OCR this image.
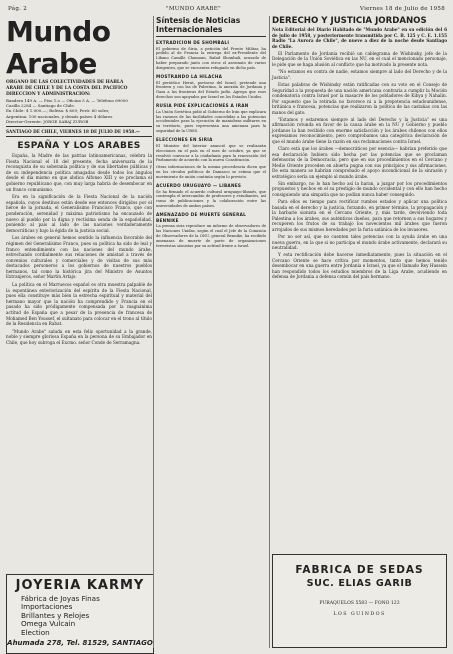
Pág. 2	"MUNDO ARABE"	Viernes 18 de Julio de 1958
Mundo Arabe

ORGANO DE LAS COLECTIVIDADES DE HABLA

ARABE DE CHILE Y DE LA COSTA DEL PACIFICO

DIRECCION Y ADMINISTRACION:

Bandera 149 A. — Piso 1.o — Oficina 5 A. — Teléfono 69000

Casilla 2284 — Santiago de Chile.

En Chile: $ 1.000.—; Bolivia: $ 600; Perú: 60 soles;

Argentina: 100 nacionales, y demás países 4 dólares

Director-Gerente: JORGE SABAJ ZUROB

SANTIAGO DE CHILE, VIERNES 18 DE JULIO DE 1958.—

ESPAÑA Y LOS ARABES

España, la Madre de las patrias latinoamericanas, celebra la Fiesta Nacional el 18 del presente, fecha aniversaria de la reconquista de su soberanía política y de sus libertades públicas y de su independencia política amagadas desde todos los ángulos desde el día mismo en que abdica Alfonso XIII y se proclama el gobierno republicano que, con muy larga habría de desembocar en un franco comunismo.

Era en la significación de la Fiesta Nacional de la nación española, cuyos destinos están desde ese entonces dirigidos por el héroe de la jornada, el Generalísimo Francisco Franco, que con ponderación, serenidad y máxima patriotismo ha encauzado de nuevo al pueblo por la digna y rectísima senda de la españolidad, poniendo al país al lado de las naciones verdaderamente democráticas y bajo la égida de la justicia social.

Los árabes en general hemos sentido la influencia favorable del régimen del Generalísimo Franco, pues su política ha sido de leal y franco entendimiento con las naciones del mundo árabe, estrechando cordialmente sus relaciones de amistad a través de convenios culturales y comerciales y de visitas de sus más destacados personeros a los gobiernos de nuestros pueblos hermanos, tal como la histórica jira del Ministro de Asuntos Extranjeros, señor Martín Artajo.

La política en el Marruecos español es otra muestra palpable de la espontánea exteriorización del espíritu de la Fiesta Nacional, pues ella constituye más bien la estrecha espiritual y material del hermano mayor que la nación ha comprendido y Francia en el pasado ha sido pródigamente compensada por la magnánima actitud de España que a pesar de la presencia de francesa de Mohamed Ben Youssef, el sultanato para colocar en el trono al título de la Residencia en Rabat.

"Mundo Arabe" saluda en esta feliz oportunidad a la grande, noble y siempre gloriosa España en la persona de su Embajador en Chile, que hoy subroga el Excmo. señor Conde de Serramagna.

JOYERIA KARMY
Fábrica de Joyas Finas
Importaciones
Brillantes y Relojes
Omega Vulcain
Election
Ahumada 278, Tel. 81529, SANTIAGO
Síntesis de Noticias Internacionales
EXTRADICION DE SHOMBALI

El gobierno de Siria, a petición del Frente Militar, ha pedido al de Francia la entrega del ex-Presidente del Líbano Camille Chamoun, Rafad Shombali, acusado de haber preparado junto con otros el asesinato de varios dirigentes, que se encuentra refugiado en dicho país.

MOSTRANDO LA HILACHA

El periódico Herut, portavoz del Israel, pretende una frontera y con las de Palestina, la anexión de Jordania y Gaza a las fronteras del Estado judío. Agrega que esos derechos son apoyados por Israel en los Estados Unidos.

RUSIA PIDE EXPLICACIONES A IRAN

La Unión Soviética pidió al Gobierno de Irán que explicara las razones de las facilidades concedidas a las potencias occidentales para la ejecución de maniobras militares en su territorio, pues representan una amenaza para la seguridad de la URSS.

ELECCIONES EN SIRIA

El Ministro del Interior anunció que se realizarán elecciones en el país en el mes de octubre, ya que se resolvió convocar a la ciudadanía para la renovación del Parlamento de acuerdo con la nueva Constitución.

Otras informaciones de la misma procedencia dicen que en los círculos políticos de Damasco se estima que el movimiento de unión continúa según lo previsto.

ACUERDO URUGUAYO — LIBANES

Se ha firmado el acuerdo cultural uruguayo-libanés, que contempla el intercambio de profesores y estudiantes, así como de publicaciones y la colaboración entre las universidades de ambos países.

AMENAZADO DE MUERTE GENERAL BENNIKE

La prensa siria reproduce un informe de observadores de las Naciones Unidas, según el cual el Jefe de la Comisión de Observadores de la ONU, general Bennike, ha recibido amenazas de muerte de parte de organizaciones terroristas sionistas por su actitud frente a Israel.

DERECHO Y JUSTICIA JORDANOS

Nota Editorial del Diario Habitado de "Mundo Arabe" en su edición del 6 de julio de 1958, y posteriormente transmitida por C. B. 125 y C. E. 1.155 Radio "La Aurora de Chile", de nueve a diez de la noche desde Santiago de Chile.

El Parlamento de Jordania recibió un cablegrama de Wishinsky, jefe de la Delegación de la Unión Soviética en las NU, en el cual el mencionado personaje, le pide que se haga alusión al conflicto que ha motivado la presente nota.

"No estamos en contra de nadie, estamos siempre al lado del Derecho y de la Justicia".

Estas palabras de Wishinsky están ratificadas con su voto en el Consejo de Seguridad a la propuesta de una nación americana contraria a cumplir la Moción condenatoria contra Israel por la masacre de los pobladores de Kibya y Nahalin. Por supuesto que la retirada no favorece ni a la prepotencia estadounidense, británica o francesa, potencias que realizaron la política de las castañas con las manos del gato.

"Estamos y estaremos siempre al lado del Derecho y la Justicia" es una afirmación rotunda en favor de la causa árabe en la NU y Gobierno y pueblo jordanos la han recibido con enorme satisfacción y los árabes chilenos con ellos expresamos reconocimiento, pero comprobamos una categórica declaración de que el mundo árabe tiene la razón en sus reclamaciones contra Israel.

Claro está que los árabes —democráticos por esencia— habrían preferido que esa declaración hubiera sido hecha por las potencias que se proclaman defensoras de la Democracia, pero que en sus procedimientos en el Cercano y Medio Oriente proceden en abierta pugna con sus principios y sus afirmaciones. De esta manera se habrían comprobado el apoyo incondicional de la sinrazón y estratégico sería un ejemplo al mundo árabe.

Sin embargo, no lo han hecho así la haran, a juzgar por los procedimientos propuestos y hechos en el su prestigio de mundo occidental y con ello han hecho consiguiendo una simpatía que no podían nunca haber conseguido.

Para ellos es tiempo para rectificar rumbos estados y aplicar una política basada en el derecho y la justicia, forzando, en primer término, la propagación y la barbarie sionista en el Cercano Oriente, y, más tarde, devolviendo toda Palestina a los árabes, sus auténticos dueños, para que retornen a sus hogares y recuperen los frutos de su trabajo los novecientos mil árabes que fueron arrojados de sus mismos heredades por la furia satánica de los invasores.

Por no ser así, que no cuenten tales potencias con la ayuda árabe en una nueva guerra, en la que si no participa el mundo árabe activamente, declarará su neutralidad.

Y esta rectificación debe hacerse inmediatamente, pues la situación en el Cercano Oriente se hace crítica por momentos, tanto que hemos tenido desembocar en una guerra entre Jordania e Israel, ya que el llamado Rey Hussein han respondido todos los estudios miembros de la Liga Arabe, acudiendo en defensa de Jordania a defensa común del país hermano.

FABRICA DE SEDAS
SUC. ELIAS GARIB
PURAQUELOS 5583 — FONO 123
LOS GUINDOS
